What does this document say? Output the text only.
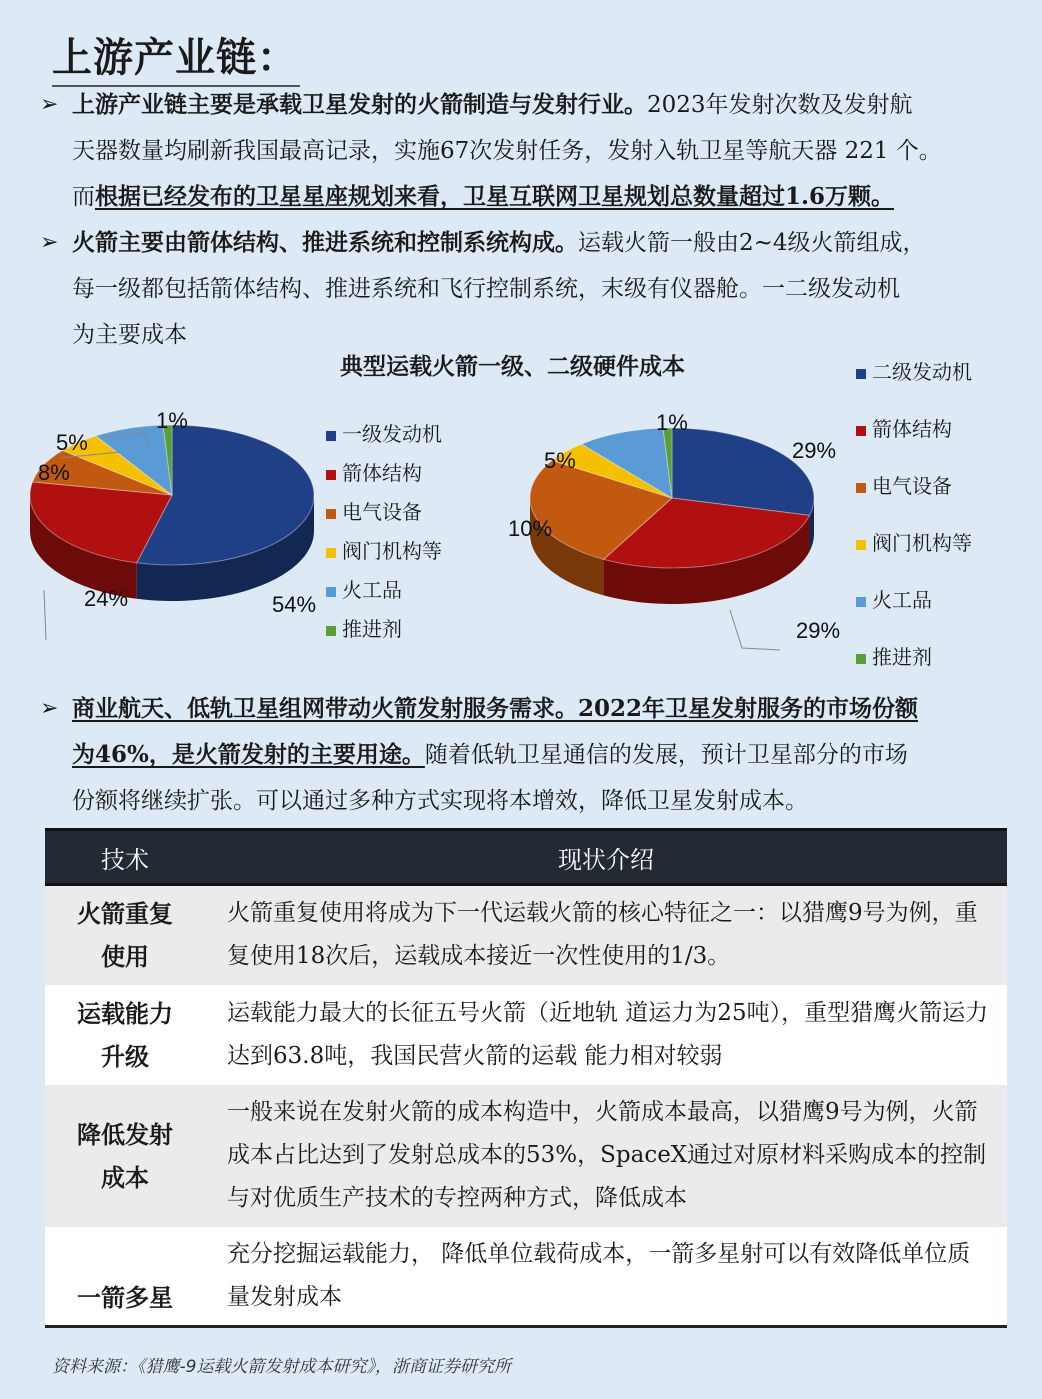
上游产业链：
➢ 上游产业链主要是承载卫星发射的火箭制造与发射行业。2023年发射次数及发射航
天器数量均刷新我国最高记录，实施67次发射任务，发射入轨卫星等航天器 221 个。
而根据已经发布的卫星星座规划来看，卫星互联网卫星规划总数量超过1.6万颗。
➢ 火箭主要由箭体结构、推进系统和控制系统构成。运载火箭一般由2~4级火箭组成，
每一级都包括箭体结构、推进系统和飞行控制系统，末级有仪器舱。一二级发动机
为主要成本
➢ 商业航天、低轨卫星组网带动火箭发射服务需求。2022年卫星发射服务的市场份额
为46%，是火箭发射的主要用途。随着低轨卫星通信的发展，预计卫星部分的市场
份额将继续扩张。可以通过多种方式实现将本增效，降低卫星发射成本。
典型运载火箭一级、二级硬件成本
54%
24%
8%
5%
1%
29%
29%
5%
10%
1%
一级发动机
箭体结构
电气设备
阀门机构等
火工品
推进剂
二级发动机
箭体结构
电气设备
阀门机构等
火工品
推进剂
技术	现状介绍

火箭重复
使用	火箭重复使用将成为下一代运载火箭的核心特征之一：以猎鹰9号为例，重复使用18次后，运载成本接近一次性使用的1/3。

运载能力
升级	运载能力最大的长征五号火箭（近地轨 道运力为25吨），重型猎鹰火箭运力达到63.8吨，我国民营火箭的运载 能力相对较弱

降低发射
成本	一般来说在发射火箭的成本构造中，火箭成本最高，以猎鹰9号为例，火箭成本占比达到了发射总成本的53%，SpaceX通过对原材料采购成本的控制与对优质生产技术的专控两种方式，降低成本

一箭多星	充分挖掘运载能力， 降低单位载荷成本，一箭多星射可以有效降低单位质量发射成本
资料来源：《猎鹰-9运载火箭发射成本研究》，浙商证券研究所
